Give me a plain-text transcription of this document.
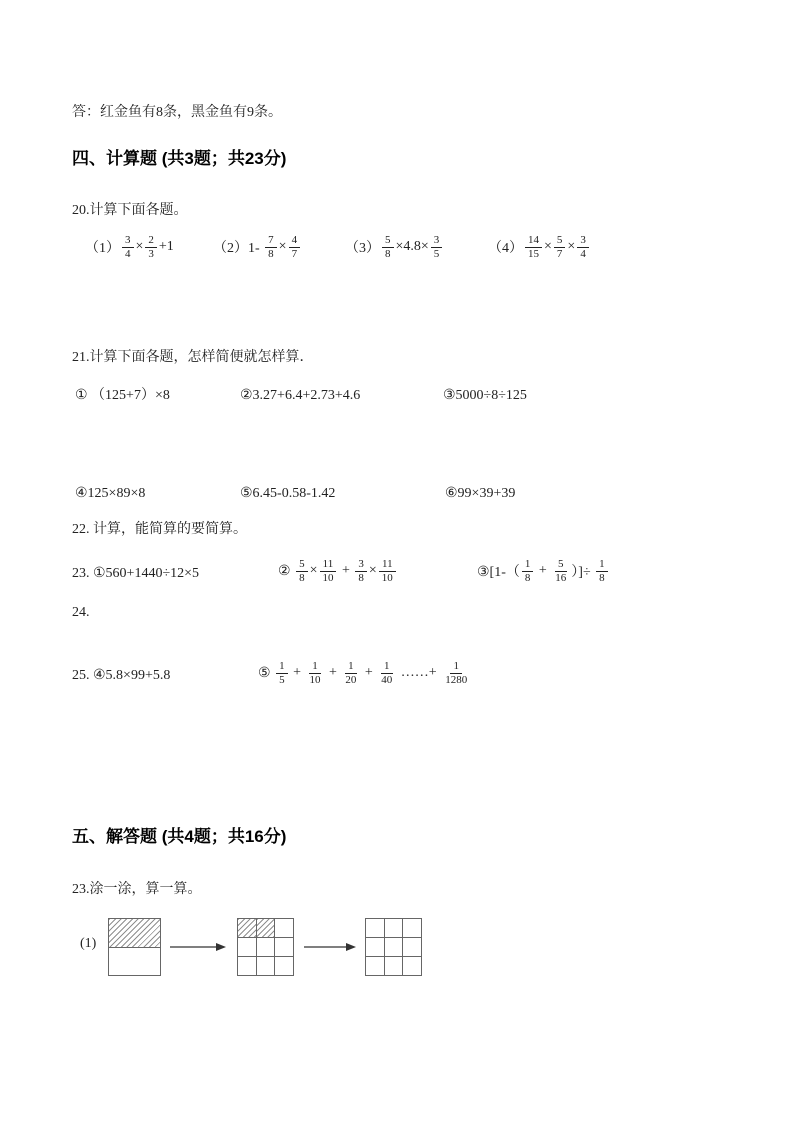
答：红金鱼有8条，黑金鱼有9条。
四、计算题 (共3题；共23分)
20.计算下面各题。
$(1) \frac{3}{4} \times \frac{2}{3} +1$	$(2)1- \frac{7}{8} \times \frac{4}{7}$	$(3) \frac{5}{8} \times 4.8\times \frac{3}{5}$	$(4) \frac{14}{15} \times \frac{5}{7} \times \frac{3}{4}$
21.计算下面各题，怎样简便就怎样算．
① （125+7）×8	②3.27+6.4+2.73+4.6	③5000÷8÷125
④125×89×8	⑤6.45-0.58-1.42	⑥99×39+39
22. 计算，能简算的要简算。
23. ①560+1440÷12×5	② $\frac{5}{8} \times \frac{11}{10} + \frac{3}{8} \times \frac{11}{10}$	③[1-（ $\frac{1}{8} + \frac{5}{16}$ ）]÷ $\frac{1}{8}$
24.
25. ④5.8×99+5.8	⑤ $\frac{1}{5} + \frac{1}{10} + \frac{1}{20} + \frac{1}{40}$ ……+ $\frac{1}{1280}$
五、解答题 (共4题；共16分)
23.涂一涂，算一算。
(1)
